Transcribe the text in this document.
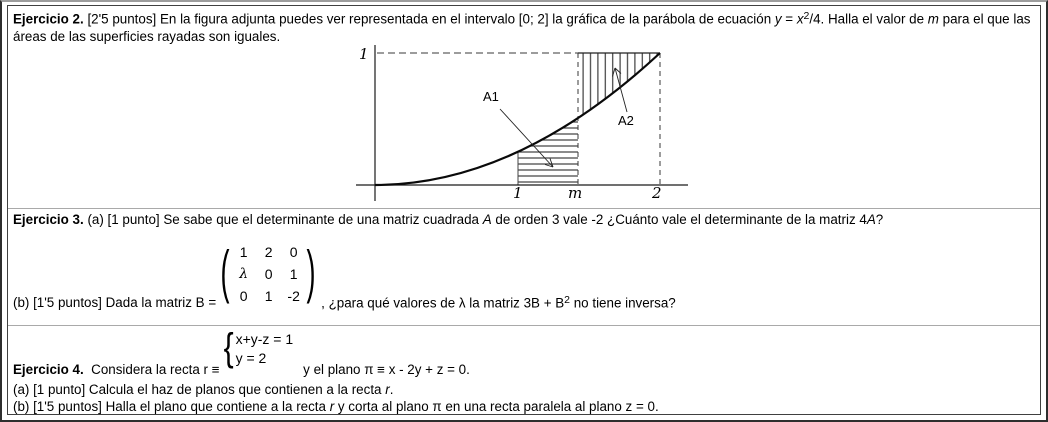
Ejercicio 2. [2'5 puntos] En la figura adjunta puedes ver representada en el intervalo [0; 2] la gráfica de la parábola de ecuación $y = x^2/4$. Halla el valor de m para el que las áreas de las superficies rayadas son iguales.

1
1	m	2
A1
A2

Ejercicio 3. (a) [1 punto] Se sabe que el determinante de una matriz cuadrada A de orden 3 vale -2 ¿Cuánto vale el determinante de la matriz 4A?

(b) [1'5 puntos] Dada la matriz B = ( 1	2	0
λ	0	1
0	1	-2 ) , ¿para qué valores de λ la matriz $3B + B^2$ no tiene inversa?
Ejercicio 4.  Considera la recta r ≡ { x+y-z = 1
y = 2
y el plano π ≡ x - 2y + z = 0.

(a) [1 punto] Calcula el haz de planos que contienen a la recta r.

(b) [1'5 puntos] Halla el plano que contiene a la recta r y corta al plano π en una recta paralela al plano z = 0.
